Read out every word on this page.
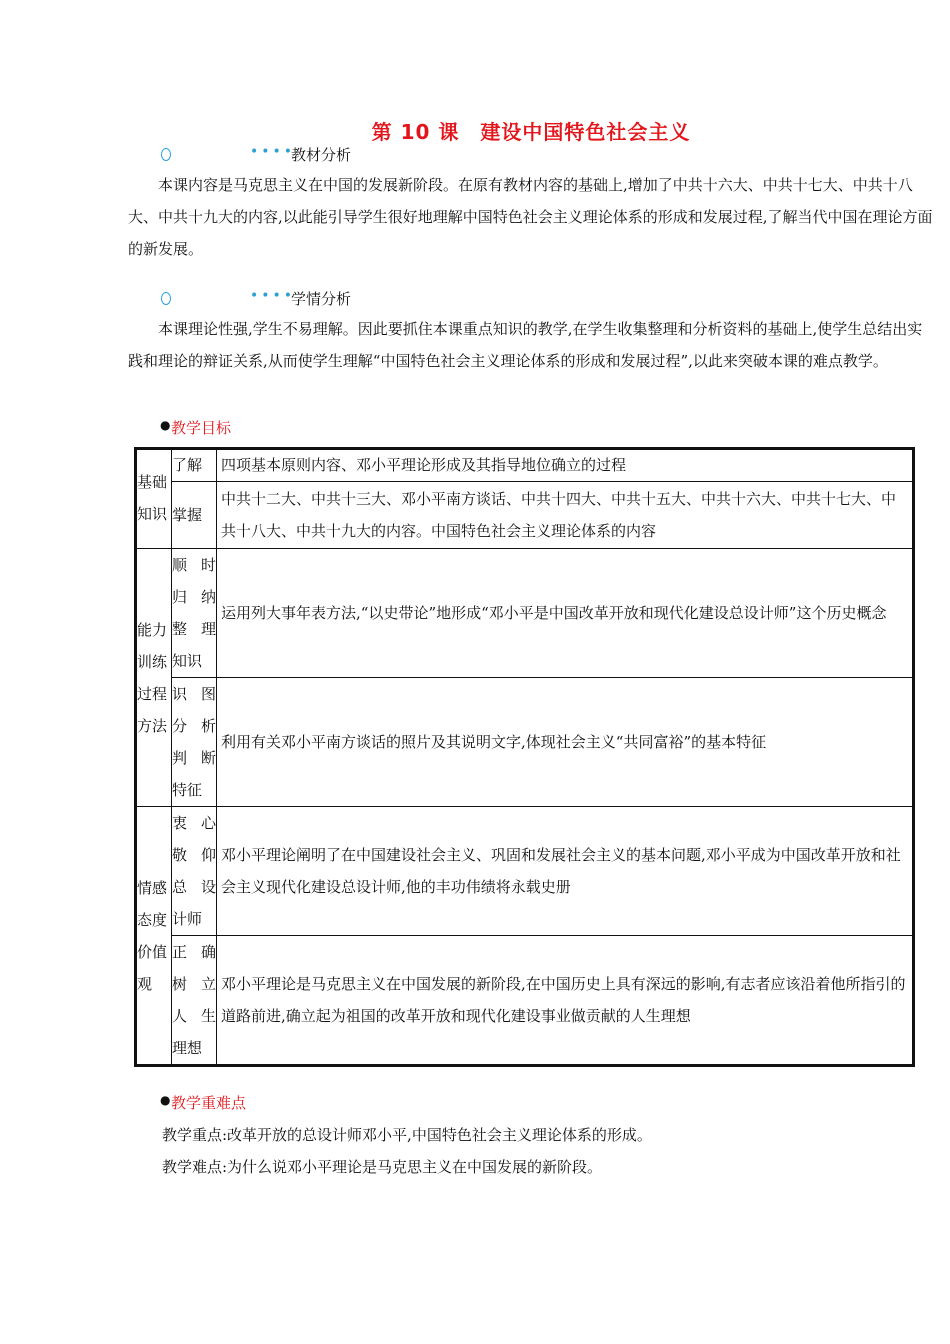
第 10 课　建设中国特色社会主义
••••
教材分析
本课内容是马克思主义在中国的发展新阶段。在原有教材内容的基础上,增加了中共十六大、中共十七大、中共十八大、中共十九大的内容,以此能引导学生很好地理解中国特色社会主义理论体系的形成和发展过程,了解当代中国在理论方面的新发展。
••••
学情分析
本课理论性强,学生不易理解。因此要抓住本课重点知识的教学,在学生收集整理和分析资料的基础上,使学生总结出实践和理论的辩证关系,从而使学生理解“中国特色社会主义理论体系的形成和发展过程”,以此来突破本课的难点教学。
● 教学目标
基础知识	了解	四项基本原则内容、邓小平理论形成及其指导地位确立的过程
	掌握	中共十二大、中共十三大、邓小平南方谈话、中共十四大、中共十五大、中共十六大、中共十七大、中共十八大、中共十九大的内容。中国特色社会主义理论体系的内容
能力训练过程方法	顺时归纳整理知识	运用列大事年表方法,“以史带论”地形成“邓小平是中国改革开放和现代化建设总设计师”这个历史概念
	识图分析判断特征	利用有关邓小平南方谈话的照片及其说明文字,体现社会主义“共同富裕”的基本特征
情感态度价值观	衷心敬仰总设计师	邓小平理论阐明了在中国建设社会主义、巩固和发展社会主义的基本问题,邓小平成为中国改革开放和社会主义现代化建设总设计师,他的丰功伟绩将永载史册
	正确树立人生理想	邓小平理论是马克思主义在中国发展的新阶段,在中国历史上具有深远的影响,有志者应该沿着他所指引的道路前进,确立起为祖国的改革开放和现代化建设事业做贡献的人生理想
● 教学重难点
教学重点:改革开放的总设计师邓小平,中国特色社会主义理论体系的形成。
教学难点:为什么说邓小平理论是马克思主义在中国发展的新阶段。
